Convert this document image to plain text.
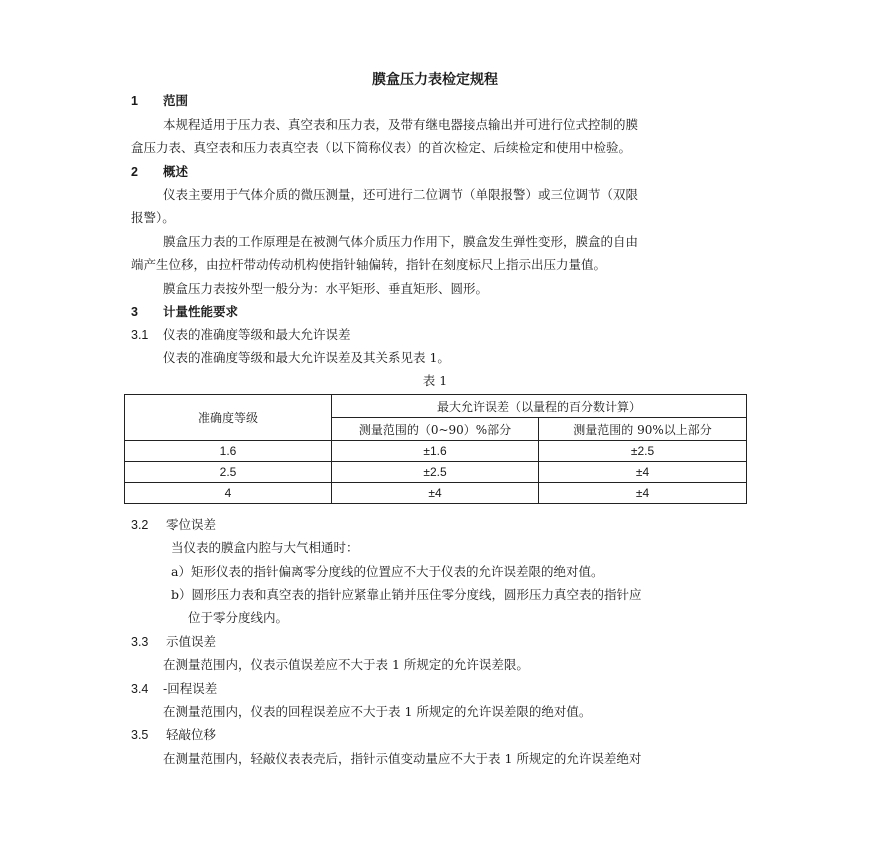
膜盒压力表检定规程
1 范围
本规程适用于压力表、真空表和压力表，及带有继电器接点输出并可进行位式控制的膜
盒压力表、真空表和压力表真空表（以下简称仪表）的首次检定、后续检定和使用中检验。
2 概述
仪表主要用于气体介质的微压测量，还可进行二位调节（单限报警）或三位调节（双限
报警）。
膜盒压力表的工作原理是在被测气体介质压力作用下，膜盒发生弹性变形，膜盒的自由
端产生位移，由拉杆带动传动机构使指针轴偏转，指针在刻度标尺上指示出压力量值。
膜盒压力表按外型一般分为：水平矩形、垂直矩形、圆形。
3 计量性能要求
3.1 仪表的准确度等级和最大允许误差
仪表的准确度等级和最大允许误差及其关系见表 1。
表 1
准确度等级	最大允许误差（以量程的百分数计算）	
	测量范围的（0~90）%部分	测量范围的 90%以上部分
1.6	±1.6	±2.5
2.5	±2.5	±4
4	±4	±4
3.2 零位误差
当仪表的膜盒内腔与大气相通时：
a）矩形仪表的指针偏离零分度线的位置应不大于仪表的允许误差限的绝对值。
b）圆形压力表和真空表的指针应紧靠止销并压住零分度线，圆形压力真空表的指针应
位于零分度线内。
3.3 示值误差
在测量范围内，仪表示值误差应不大于表 1 所规定的允许误差限。
3.4 -回程误差
在测量范围内，仪表的回程误差应不大于表 1 所规定的允许误差限的绝对值。
3.5 轻敲位移
在测量范围内，轻敲仪表表壳后，指针示值变动量应不大于表 1 所规定的允许误差绝对
